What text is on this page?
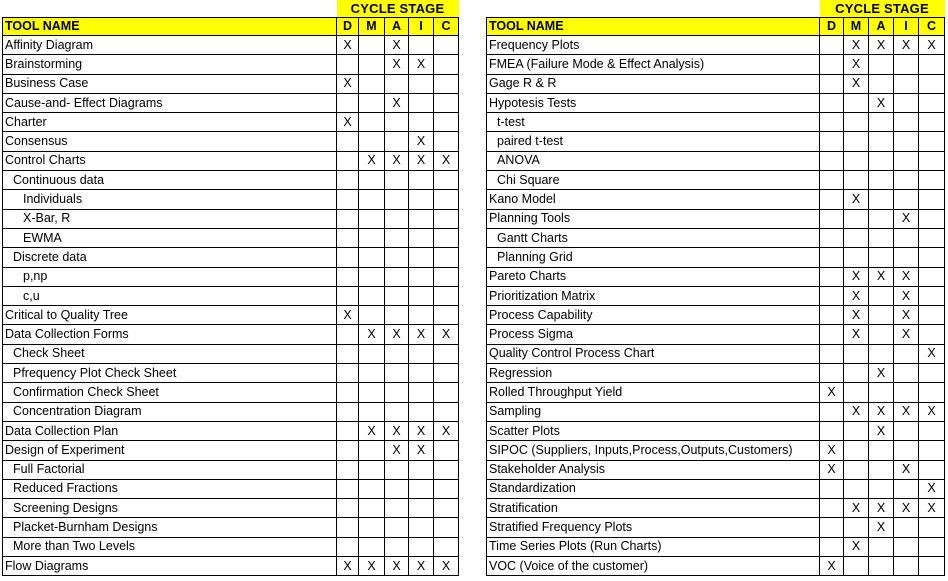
	CYCLE STAGE				
TOOL NAME	D	M	A	I	C
Affinity Diagram	X		X		
Brainstorming			X	X	
Business Case	X				
Cause-and- Effect Diagrams			X		
Charter	X				
Consensus				X	
Control Charts		X	X	X	X
Continuous data					
Individuals					
X-Bar, R					
EWMA					
Discrete data					
p,np					
c,u					
Critical to Quality Tree	X				
Data Collection Forms		X	X	X	X
Check Sheet					
Pfrequency Plot Check Sheet					
Confirmation Check Sheet					
Concentration Diagram					
Data Collection Plan		X	X	X	X
Design of Experiment			X	X	
Full Factorial					
Reduced Fractions					
Screening Designs					
Placket-Burnham Designs					
More than Two Levels					
Flow Diagrams	X	X	X	X	X
	CYCLE STAGE				
TOOL NAME	D	M	A	I	C
Frequency Plots		X	X	X	X
FMEA (Failure Mode & Effect Analysis)		X			
Gage R & R		X			
Hypotesis Tests			X		
t-test					
paired t-test					
ANOVA					
Chi Square					
Kano Model		X			
Planning Tools				X	
Gantt Charts					
Planning Grid					
Pareto Charts		X	X	X	
Prioritization Matrix		X		X	
Process Capability		X		X	
Process Sigma		X		X	
Quality Control Process Chart					X
Regression			X		
Rolled Throughput Yield	X				
Sampling		X	X	X	X
Scatter Plots			X		
SIPOC (Suppliers, Inputs,Process,Outputs,Customers)	X				
Stakeholder Analysis	X			X	
Standardization					X
Stratification		X	X	X	X
Stratified Frequency Plots			X		
Time Series Plots (Run Charts)		X			
VOC (Voice of the customer)	X				
